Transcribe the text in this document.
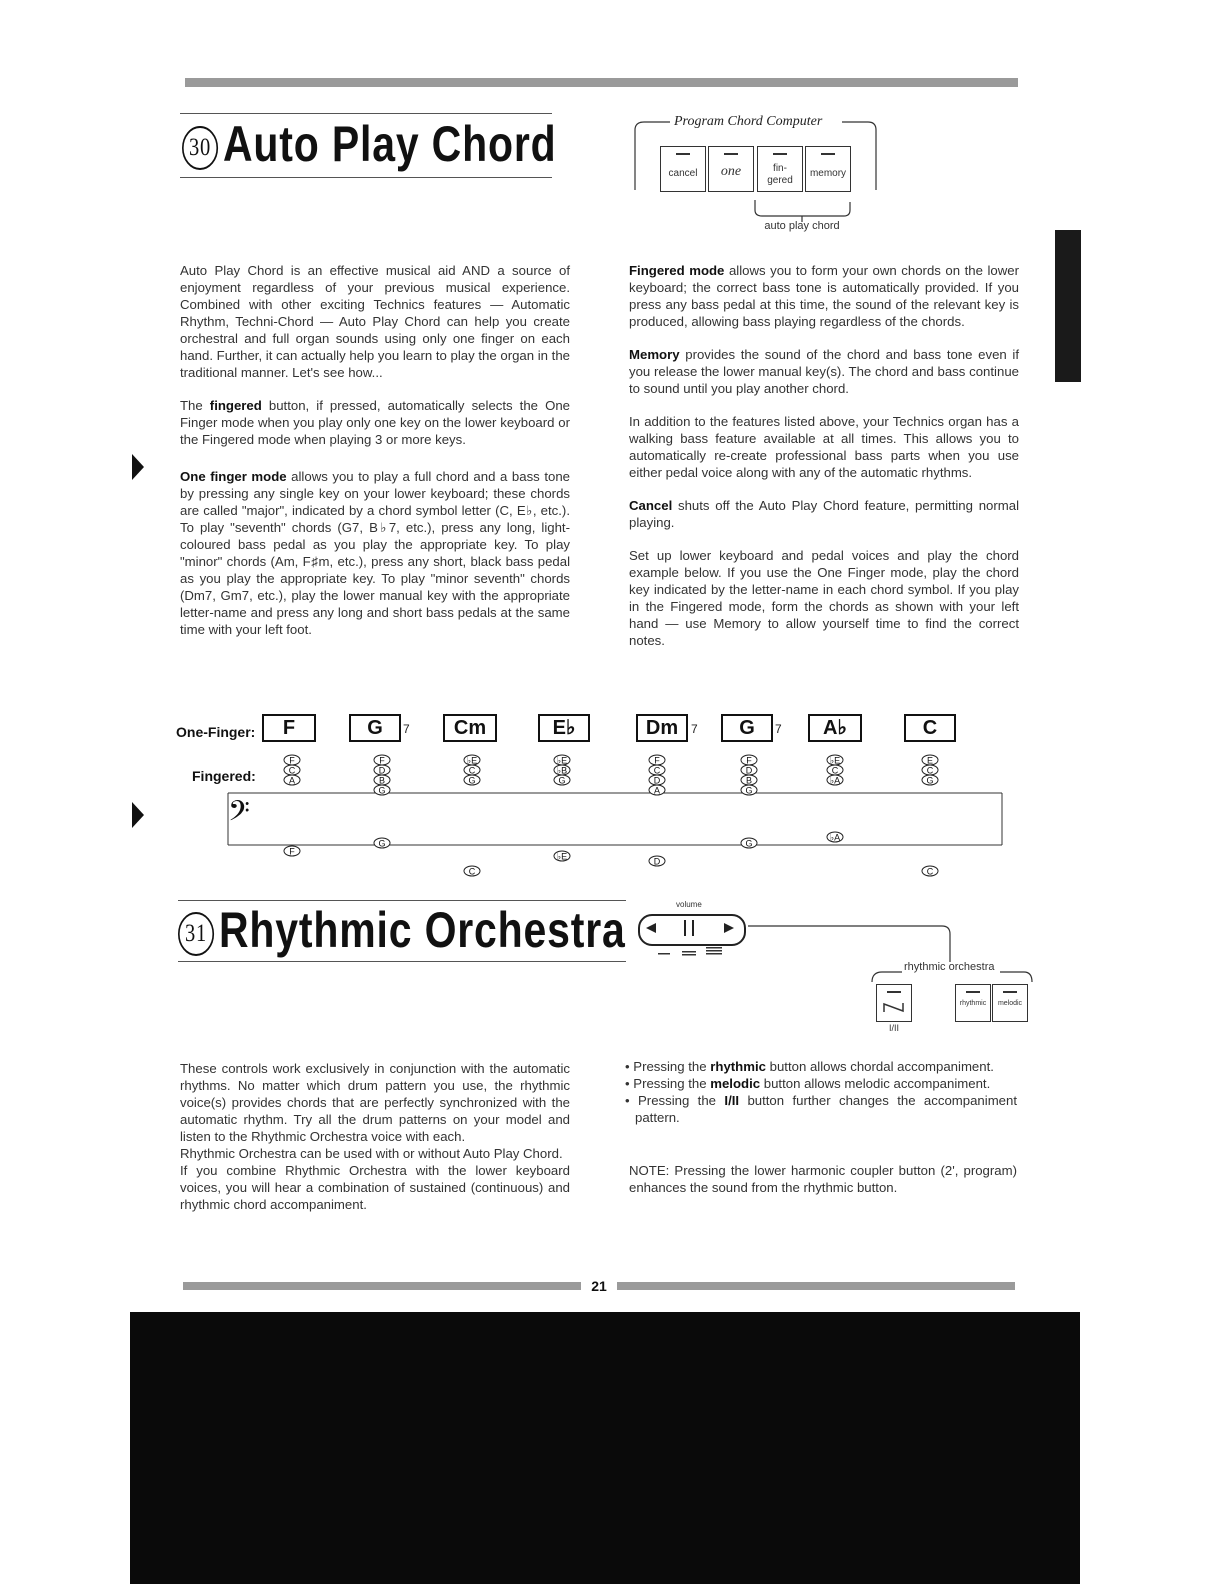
30 Auto Play Chord	Program Chord Computer
cancel	one	fin-gered
memory
auto play chord

Auto Play Chord is an effective musical aid AND a source of enjoyment regardless of your previous musical experience. Combined with other exciting Technics features — Automatic Rhythm, Techni-Chord — Auto Play Chord can help you create orchestral and full organ sounds using only one finger on each hand. Further, it can actually help you learn to play the organ in the traditional manner. Let's see how...

The fingered button, if pressed, automatically selects the One Finger mode when you play only one key on the lower keyboard or the Fingered mode when playing 3 or more keys.

One finger mode allows you to play a full chord and a bass tone by pressing any single key on your lower keyboard; these chords are called "major", indicated by a chord symbol letter (C, E♭, etc.). To play "seventh" chords (G7, B♭7, etc.), press any long, light-coloured bass pedal as you play the appropriate key. To play "minor" chords (Am, F♯m, etc.), press any short, black bass pedal as you play the appropriate key. To play "minor seventh" chords (Dm7, Gm7, etc.), play the lower manual key with the appropriate letter-name and press any long and short bass pedals at the same time with your left foot.

Fingered mode allows you to form your own chords on the lower keyboard; the correct bass tone is automatically provided. If you press any bass pedal at this time, the sound of the relevant key is produced, allowing bass playing regardless of the chords.

Memory provides the sound of the chord and bass tone even if you release the lower manual key(s). The chord and bass continue to sound until you play another chord.

In addition to the features listed above, your Technics organ has a walking bass feature available at all times. This allows you to automatically re-create professional bass parts when you use either pedal voice along with any of the automatic rhythms.

Cancel shuts off the Auto Play Chord feature, permitting normal playing.

Set up lower keyboard and pedal voices and play the chord example below. If you use the One Finger mode, play the chord key indicated by the letter-name in each chord symbol. If you play in the Fingered mode, form the chords as shown with your left hand — use Memory to allow yourself time to find the correct notes.

One-Finger:
Fingered:
F	G	7	Cm	E♭	Dm	7	G	7	A♭	C
𝄢
F
C
A
F
F
D
B
G
G
♭E
C
G
C
♭E
♭B
G
♭E
F
C
D
A
D
F
D
B
G
G
♭E
C
♭A
♭A
E
C
G
C
31 Rhythmic Orchestra	volume
rhythmic orchestra
I/II
rhythmic	melodic

These controls work exclusively in conjunction with the automatic rhythms. No matter which drum pattern you use, the rhythmic voice(s) provides chords that are perfectly synchronized with the automatic rhythm. Try all the drum patterns on your model and listen to the Rhythmic Orchestra voice with each.

Rhythmic Orchestra can be used with or without Auto Play Chord.

If you combine Rhythmic Orchestra with the lower keyboard voices, you will hear a combination of sustained (continuous) and rhythmic chord accompaniment.

• Pressing the rhythmic button allows chordal accompaniment.
• Pressing the melodic button allows melodic accompaniment.
• Pressing the I/II button further changes the accompaniment pattern.

NOTE: Pressing the lower harmonic coupler button (2', program) enhances the sound from the rhythmic button.

21
